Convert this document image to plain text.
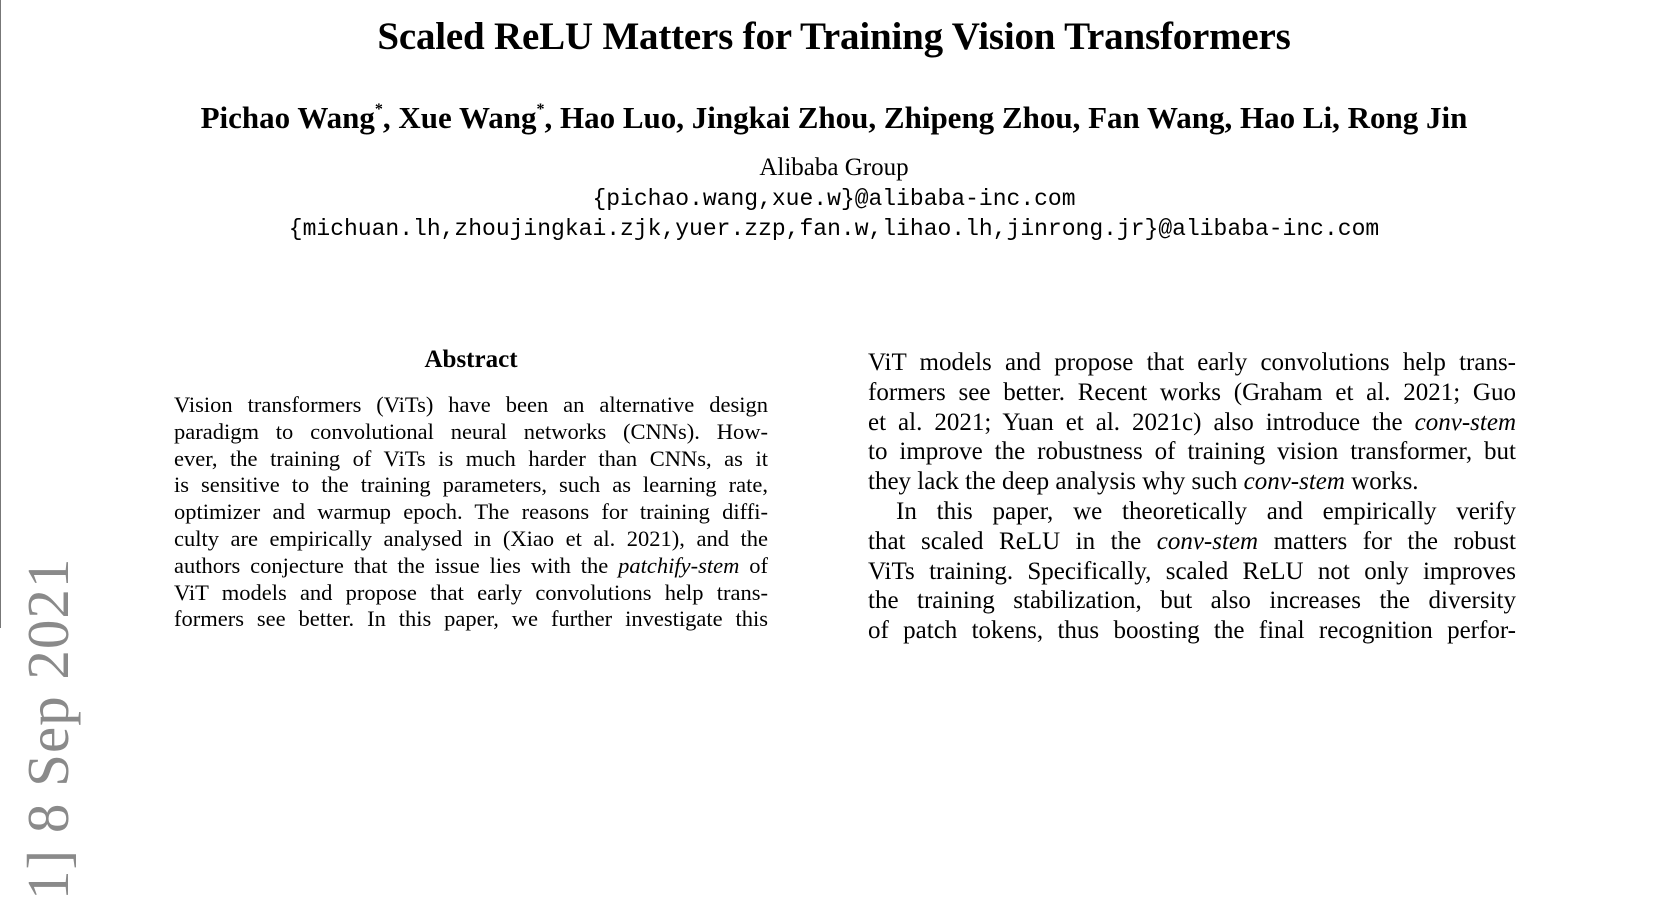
Scaled ReLU Matters for Training Vision Transformers
Pichao Wang*, Xue Wang*, Hao Luo, Jingkai Zhou, Zhipeng Zhou, Fan Wang, Hao Li, Rong Jin
Alibaba Group
{pichao.wang,xue.w}@alibaba-inc.com
{michuan.lh,zhoujingkai.zjk,yuer.zzp,fan.w,lihao.lh,jinrong.jr}@alibaba-inc.com
1] 8 Sep 2021
Abstract
Vision transformers (ViTs) have been an alternative design
paradigm to convolutional neural networks (CNNs). How-
ever, the training of ViTs is much harder than CNNs, as it
is sensitive to the training parameters, such as learning rate,
optimizer and warmup epoch. The reasons for training diffi-
culty are empirically analysed in (Xiao et al. 2021), and the
authors conjecture that the issue lies with the patchify-stem of
ViT models and propose that early convolutions help trans-
formers see better. In this paper, we further investigate this
ViT models and propose that early convolutions help trans-
formers see better. Recent works (Graham et al. 2021; Guo
et al. 2021; Yuan et al. 2021c) also introduce the conv-stem
to improve the robustness of training vision transformer, but
they lack the deep analysis why such conv-stem works.
In this paper, we theoretically and empirically verify
that scaled ReLU in the conv-stem matters for the robust
ViTs training. Specifically, scaled ReLU not only improves
the training stabilization, but also increases the diversity
of patch tokens, thus boosting the final recognition perfor-
